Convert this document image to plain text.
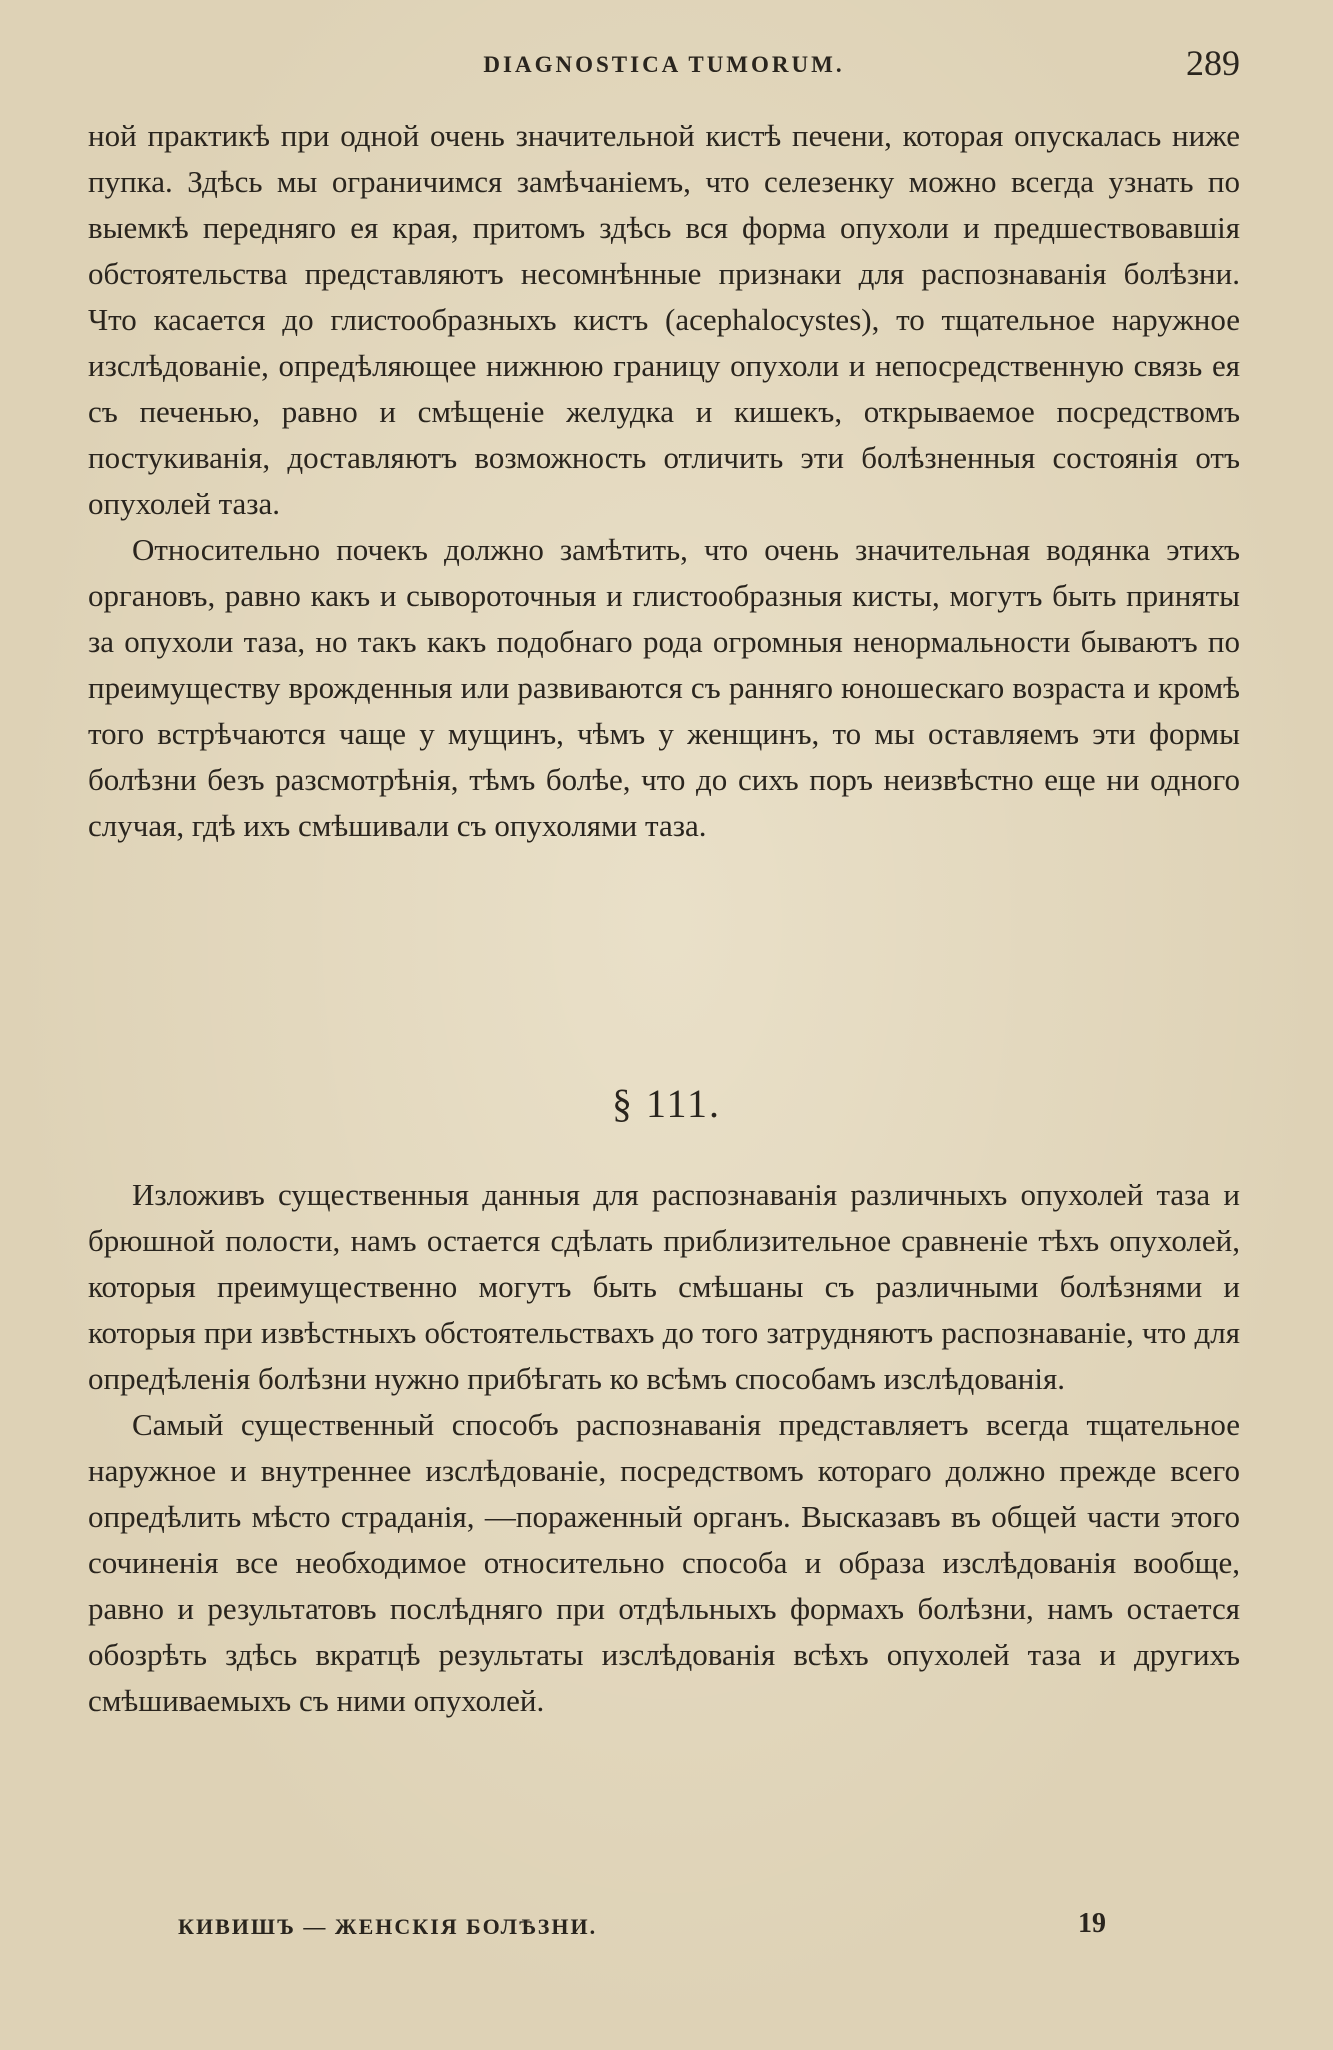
DIAGNOSTICA TUMORUM.	289

ной практикѣ при одной очень значительной кистѣ печени, которая опускалась ниже пупка. Здѣсь мы ограничимся замѣчанiемъ, что селезенку можно всегда узнать по выемкѣ передняго ея края, притомъ здѣсь вся форма опухоли и предшествовавшiя обстоятельства представляютъ несомнѣнные признаки для распознаванiя болѣзни. Что касается до глистообразныхъ кистъ (acephalocystes), то тщательное наружное изслѣдованiе, опредѣляющее нижнюю границу опухоли и непосредственную связь ея съ печенью, равно и смѣщенiе желудка и кишекъ, открываемое посредствомъ постукиванiя, доставляютъ возможность отличить эти болѣзненныя состоянiя отъ опухолей таза.

Относительно почекъ должно замѣтить, что очень значительная водянка этихъ органовъ, равно какъ и сывороточныя и глистообразныя кисты, могутъ быть приняты за опухоли таза, но такъ какъ подобнаго рода огромныя ненормальности бываютъ по преимуществу врожденныя или развиваются съ ранняго юношескаго возраста и кромѣ того встрѣчаются чаще у мущинъ, чѣмъ у женщинъ, то мы оставляемъ эти формы болѣзни безъ разсмотрѣнiя, тѣмъ болѣе, что до сихъ поръ неизвѣстно еще ни одного случая, гдѣ ихъ смѣшивали съ опухолями таза.

§ 111.

Изложивъ существенныя данныя для распознаванiя различныхъ опухолей таза и брюшной полости, намъ остается сдѣлать приблизительное сравненiе тѣхъ опухолей, которыя преимущественно могутъ быть смѣшаны съ различными болѣзнями и которыя при извѣстныхъ обстоятельствахъ до того затрудняютъ распознаванiе, что для опредѣленiя болѣзни нужно прибѣгать ко всѣмъ способамъ изслѣдованiя.

Самый существенный способъ распознаванiя представляетъ всегда тщательное наружное и внутреннее изслѣдованiе, посредствомъ котораго должно прежде всего опредѣлить мѣсто страданiя, —пораженный органъ. Высказавъ въ общей части этого сочиненiя все необходимое относительно способа и образа изслѣдованiя вообще, равно и результатовъ послѣдняго при отдѣльныхъ формахъ болѣзни, намъ остается обозрѣть здѣсь вкратцѣ результаты изслѣдованiя всѣхъ опухолей таза и другихъ смѣшиваемыхъ съ ними опухолей.

КИВИШЪ — ЖЕНСКIЯ БОЛѢЗНИ.	19
